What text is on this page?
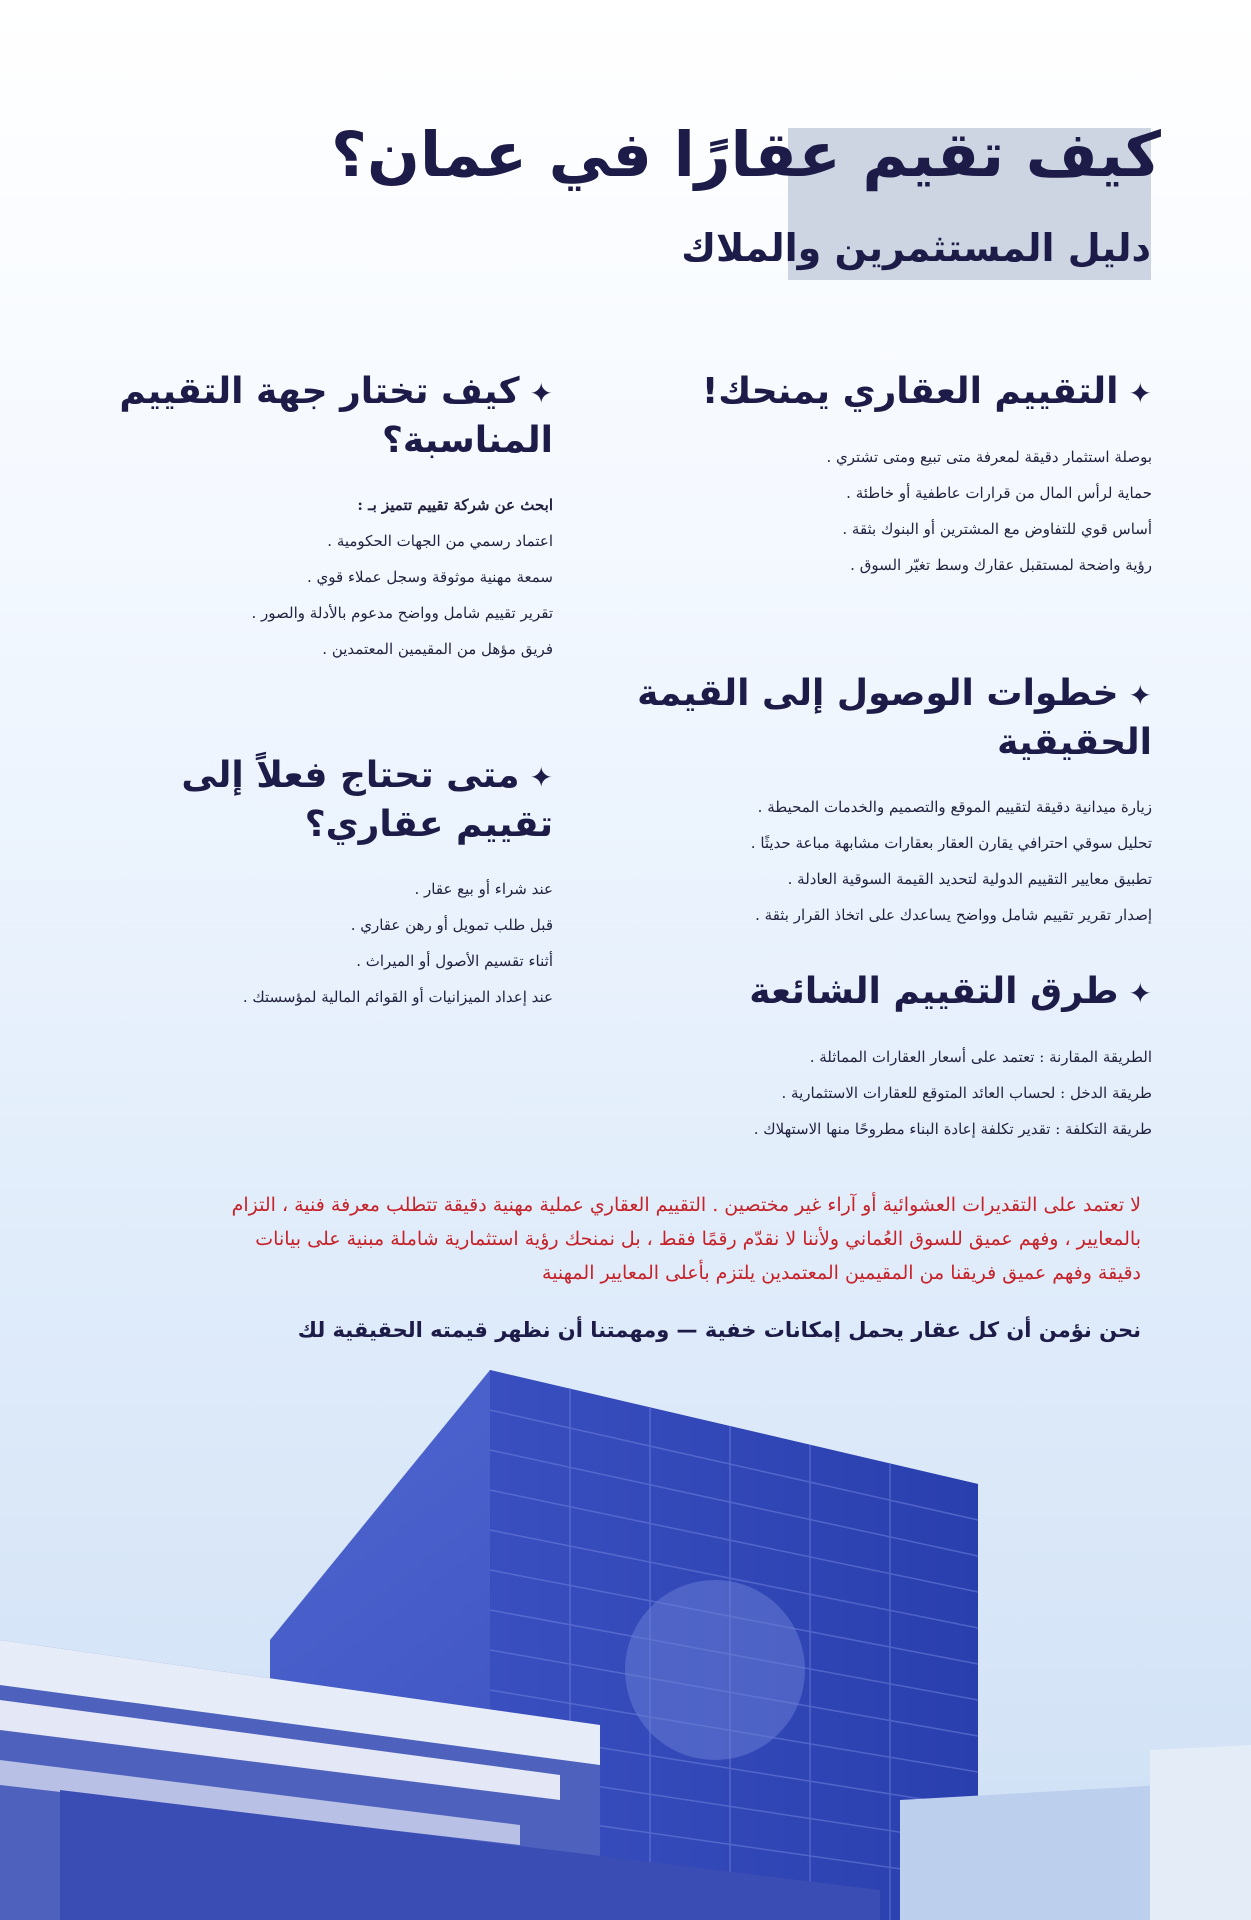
كيف تقيم عقارًا في عمان؟
دليل المستثمرين والملاك
✦التقييم العقاري يمنحك!
بوصلة استثمار دقيقة لمعرفة متى تبيع ومتى تشتري .
حماية لرأس المال من قرارات عاطفية أو خاطئة .
أساس قوي للتفاوض مع المشترين أو البنوك بثقة .
رؤية واضحة لمستقبل عقارك وسط تغيّر السوق .
✦خطوات الوصول إلى القيمة الحقيقية
زيارة ميدانية دقيقة لتقييم الموقع والتصميم والخدمات المحيطة .
تحليل سوقي احترافي يقارن العقار بعقارات مشابهة مباعة حديثًا .
تطبيق معايير التقييم الدولية لتحديد القيمة السوقية العادلة .
إصدار تقرير تقييم شامل وواضح يساعدك على اتخاذ القرار بثقة .
✦طرق التقييم الشائعة
الطريقة المقارنة : تعتمد على أسعار العقارات المماثلة .
طريقة الدخل : لحساب العائد المتوقع للعقارات الاستثمارية .
طريقة التكلفة : تقدير تكلفة إعادة البناء مطروحًا منها الاستهلاك .
✦كيف تختار جهة التقييم المناسبة؟
ابحث عن شركة تقييم تتميز بـ :
اعتماد رسمي من الجهات الحكومية .
سمعة مهنية موثوقة وسجل عملاء قوي .
تقرير تقييم شامل وواضح مدعوم بالأدلة والصور .
فريق مؤهل من المقيمين المعتمدين .
✦متى تحتاج فعلاً إلى تقييم عقاري؟
عند شراء أو بيع عقار .
قبل طلب تمويل أو رهن عقاري .
أثناء تقسيم الأصول أو الميراث .
عند إعداد الميزانيات أو القوائم المالية لمؤسستك .

لا تعتمد على التقديرات العشوائية أو آراء غير مختصين . التقييم العقاري عملية مهنية دقيقة تتطلب معرفة فنية ، التزام بالمعايير ، وفهم عميق للسوق العُماني ولأننا لا نقدّم رقمًا فقط ، بل نمنحك رؤية استثمارية شاملة مبنية على بيانات دقيقة وفهم عميق فريقنا من المقيمين المعتمدين يلتزم بأعلى المعايير المهنية

نحن نؤمن أن كل عقار يحمل إمكانات خفية — ومهمتنا أن نظهر قيمته الحقيقية لك
